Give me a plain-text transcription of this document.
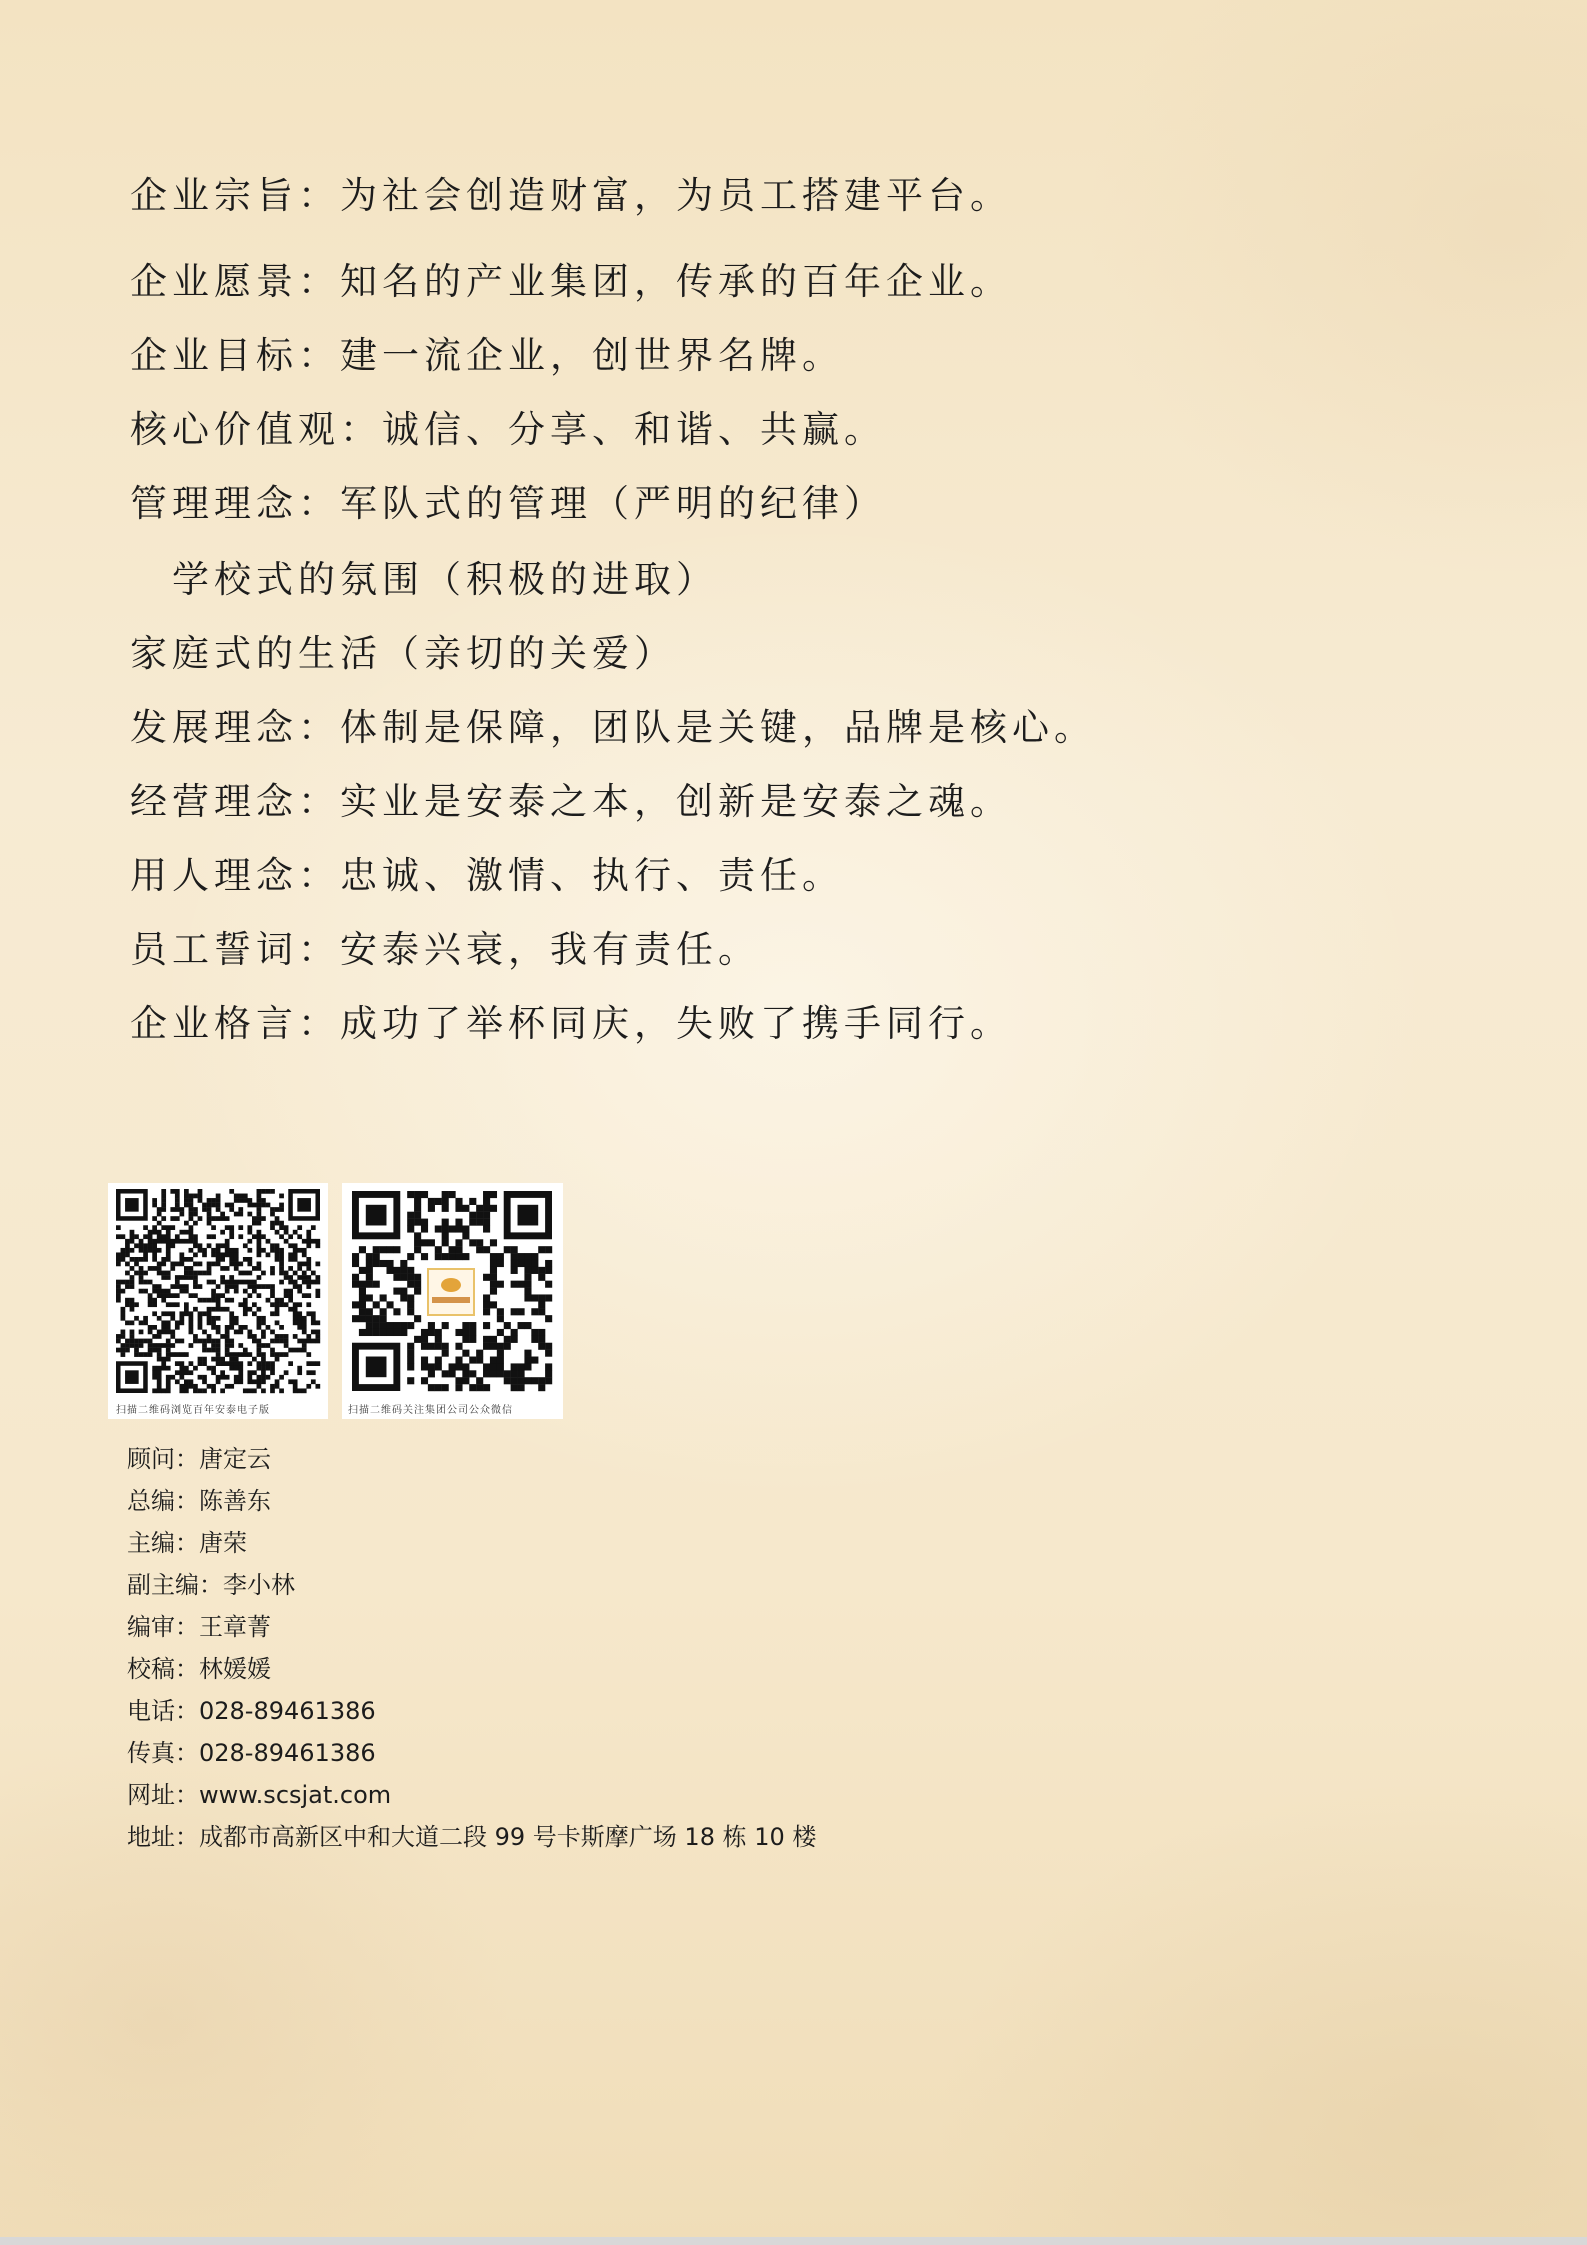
企业宗旨：为社会创造财富，为员工搭建平台。
企业愿景：知名的产业集团，传承的百年企业。
企业目标：建一流企业，创世界名牌。
核心价值观：诚信、分享、和谐、共赢。
管理理念：军队式的管理（严明的纪律）
学校式的氛围（积极的进取）
家庭式的生活（亲切的关爱）
发展理念：体制是保障，团队是关键，品牌是核心。
经营理念：实业是安泰之本，创新是安泰之魂。
用人理念：忠诚、激情、执行、责任。
员工誓词：安泰兴衰，我有责任。
企业格言：成功了举杯同庆，失败了携手同行。
扫描二维码浏览百年安泰电子版	扫描二维码关注集团公司公众微信
顾问：唐定云
总编：陈善东
主编：唐荣
副主编：李小林
编审：王章菁
校稿：林媛媛
电话：028-89461386
传真：028-89461386
网址：www.scsjat.com
地址：成都市高新区中和大道二段 99 号卡斯摩广场 18 栋 10 楼
